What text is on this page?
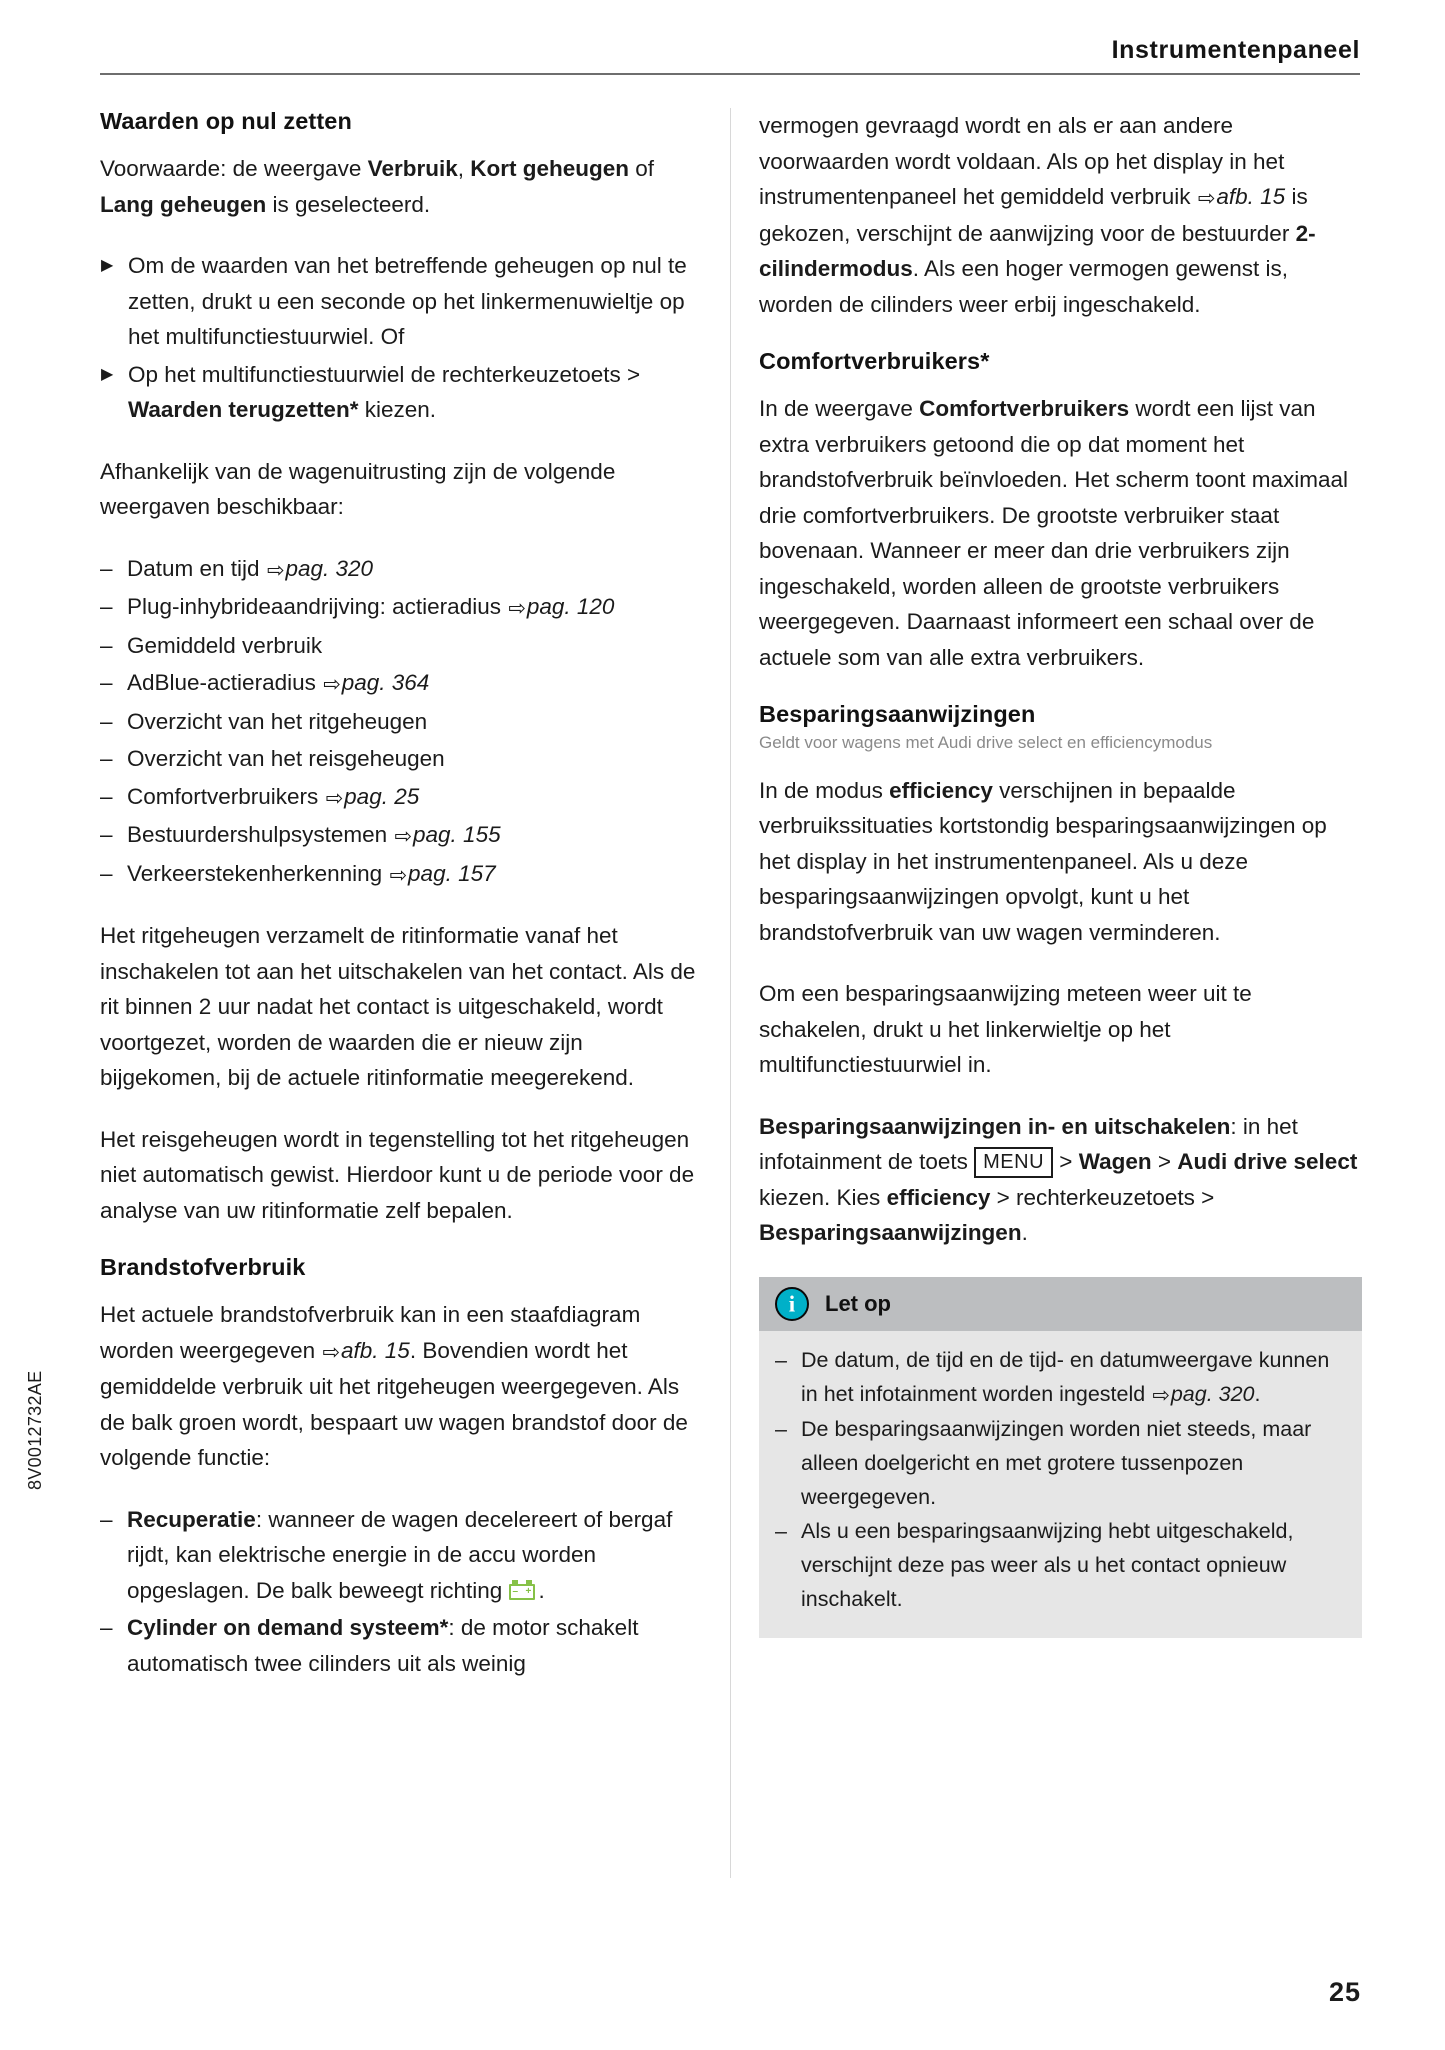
Instrumentenpaneel
Waarden op nul zetten

Voorwaarde: de weergave Verbruik, Kort geheugen of Lang geheugen is geselecteerd.

▶ Om de waarden van het betreffende geheugen op nul te zetten, drukt u een seconde op het linkermenuwieltje op het multifunctiestuurwiel. Of
▶ Op het multifunctiestuurwiel de rechterkeuzetoets > Waarden terugzetten* kiezen.

Afhankelijk van de wagenuitrusting zijn de volgende weergaven beschikbaar:

– Datum en tijd ⇨pag. 320
– Plug-inhybrideaandrijving: actieradius ⇨pag. 120
– Gemiddeld verbruik
– AdBlue-actieradius ⇨pag. 364
– Overzicht van het ritgeheugen
– Overzicht van het reisgeheugen
– Comfortverbruikers ⇨pag. 25
– Bestuurdershulpsystemen ⇨pag. 155
– Verkeerstekenherkenning ⇨pag. 157

Het ritgeheugen verzamelt de ritinformatie vanaf het inschakelen tot aan het uitschakelen van het contact. Als de rit binnen 2 uur nadat het contact is uitgeschakeld, wordt voortgezet, worden de waarden die er nieuw zijn bijgekomen, bij de actuele ritinformatie meegerekend.

Het reisgeheugen wordt in tegenstelling tot het ritgeheugen niet automatisch gewist. Hierdoor kunt u de periode voor de analyse van uw ritinformatie zelf bepalen.

Brandstofverbruik

Het actuele brandstofverbruik kan in een staafdiagram worden weergegeven ⇨afb. 15. Bovendien wordt het gemiddelde verbruik uit het ritgeheugen weergegeven. Als de balk groen wordt, bespaart uw wagen brandstof door de volgende functie:

– Recuperatie: wanneer de wagen decelereert of bergaf rijdt, kan elektrische energie in de accu worden opgeslagen. De balk beweegt richting – + .
– Cylinder on demand systeem*: de motor schakelt automatisch twee cilinders uit als weinig

vermogen gevraagd wordt en als er aan andere voorwaarden wordt voldaan. Als op het display in het instrumentenpaneel het gemiddeld verbruik ⇨afb. 15 is gekozen, verschijnt de aanwijzing voor de bestuurder 2-cilindermodus. Als een hoger vermogen gewenst is, worden de cilinders weer erbij ingeschakeld.

Comfortverbruikers*

In de weergave Comfortverbruikers wordt een lijst van extra verbruikers getoond die op dat moment het brandstofverbruik beïnvloeden. Het scherm toont maximaal drie comfortverbruikers. De grootste verbruiker staat bovenaan. Wanneer er meer dan drie verbruikers zijn ingeschakeld, worden alleen de grootste verbruikers weergegeven. Daarnaast informeert een schaal over de actuele som van alle extra verbruikers.

Besparingsaanwijzingen

Geldt voor wagens met Audi drive select en efficiencymodus

In de modus efficiency verschijnen in bepaalde verbruikssituaties kortstondig besparingsaanwijzingen op het display in het instrumentenpaneel. Als u deze besparingsaanwijzingen opvolgt, kunt u het brandstofverbruik van uw wagen verminderen.

Om een besparingsaanwijzing meteen weer uit te schakelen, drukt u het linkerwieltje op het multifunctiestuurwiel in.

Besparingsaanwijzingen in- en uitschakelen: in het infotainment de toets MENU > Wagen > Audi drive select kiezen. Kies efficiency > rechterkeuzetoets > Besparingsaanwijzingen.

i
Let op
– De datum, de tijd en de tijd- en datumweergave kunnen in het infotainment worden ingesteld ⇨pag. 320.
– De besparingsaanwijzingen worden niet steeds, maar alleen doelgericht en met grotere tussenpozen weergegeven.
– Als u een besparingsaanwijzing hebt uitgeschakeld, verschijnt deze pas weer als u het contact opnieuw inschakelt.
8V0012732AE
25
